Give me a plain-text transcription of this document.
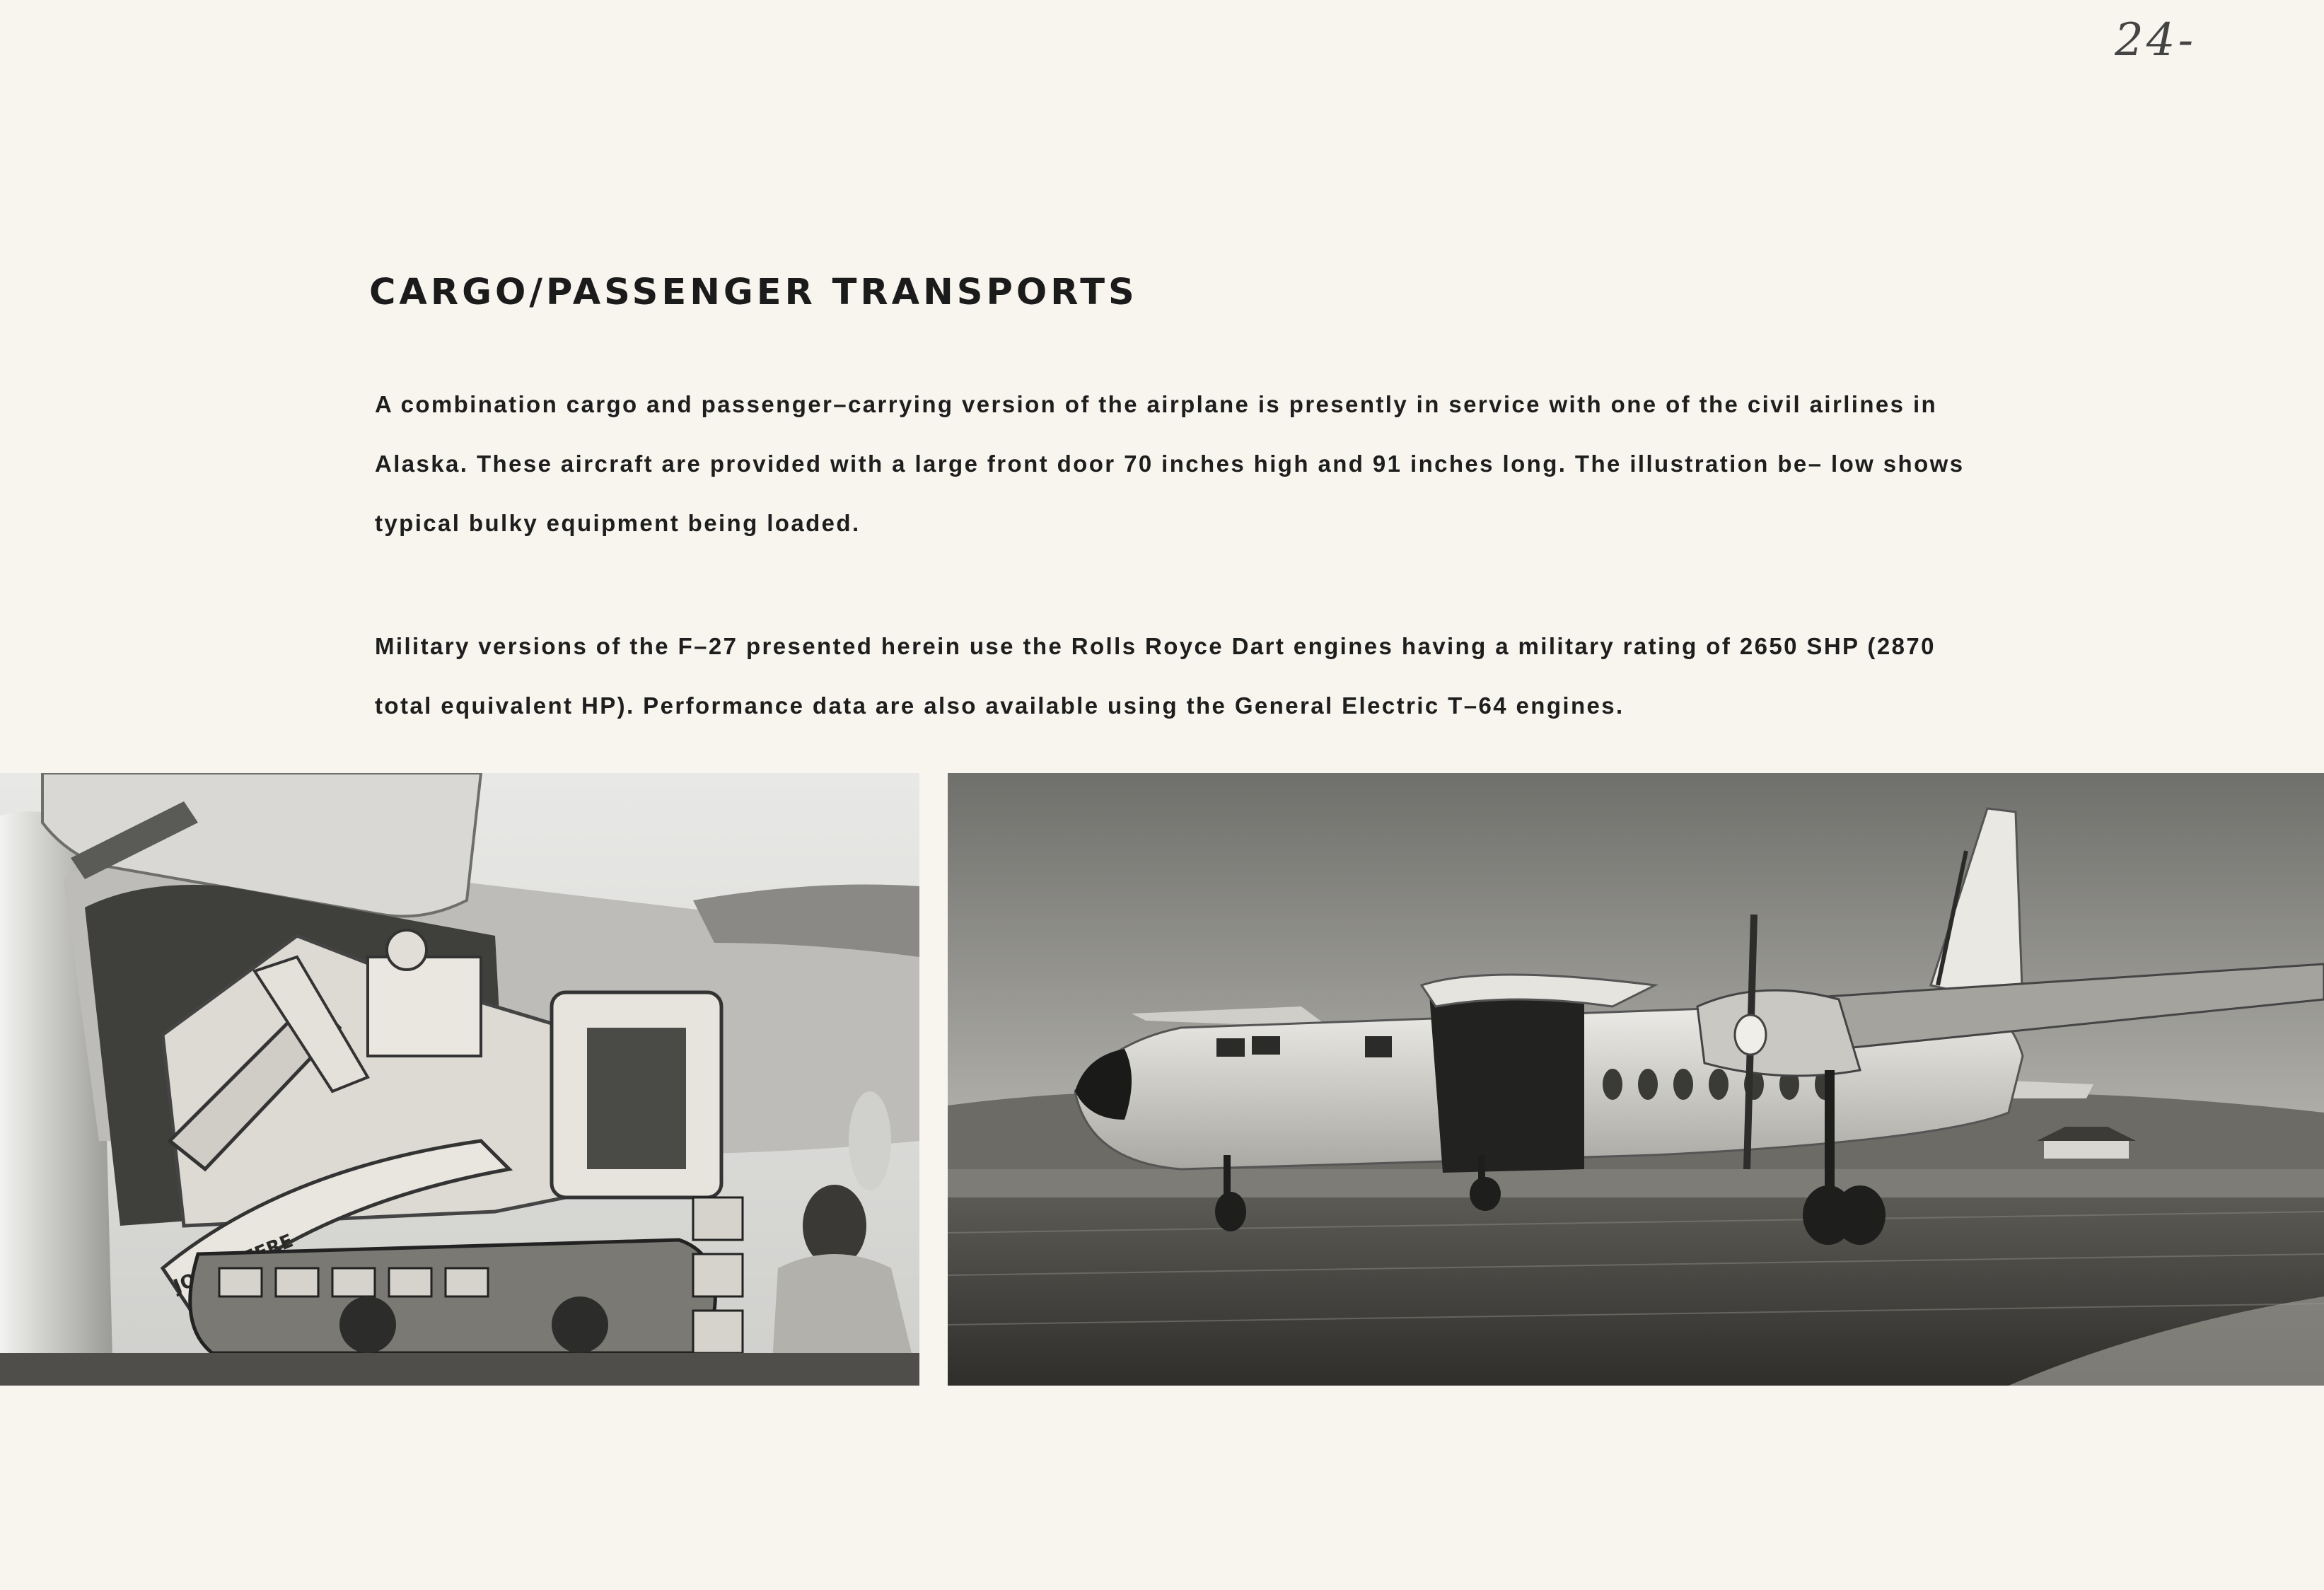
24-
CARGO/PASSENGER TRANSPORTS

A combination cargo and passenger–carrying version of the airplane is presently in service with one of the civil airlines in Alaska. These aircraft are provided with a large front door 70 inches high and 91 inches long. The illustration be– low shows typical bulky equipment being loaded.

Military versions of the F–27 presented herein use the Rolls Royce Dart engines having a military rating of 2650 SHP (2870 total equivalent HP). Performance data are also available using the General Electric T–64 engines.
